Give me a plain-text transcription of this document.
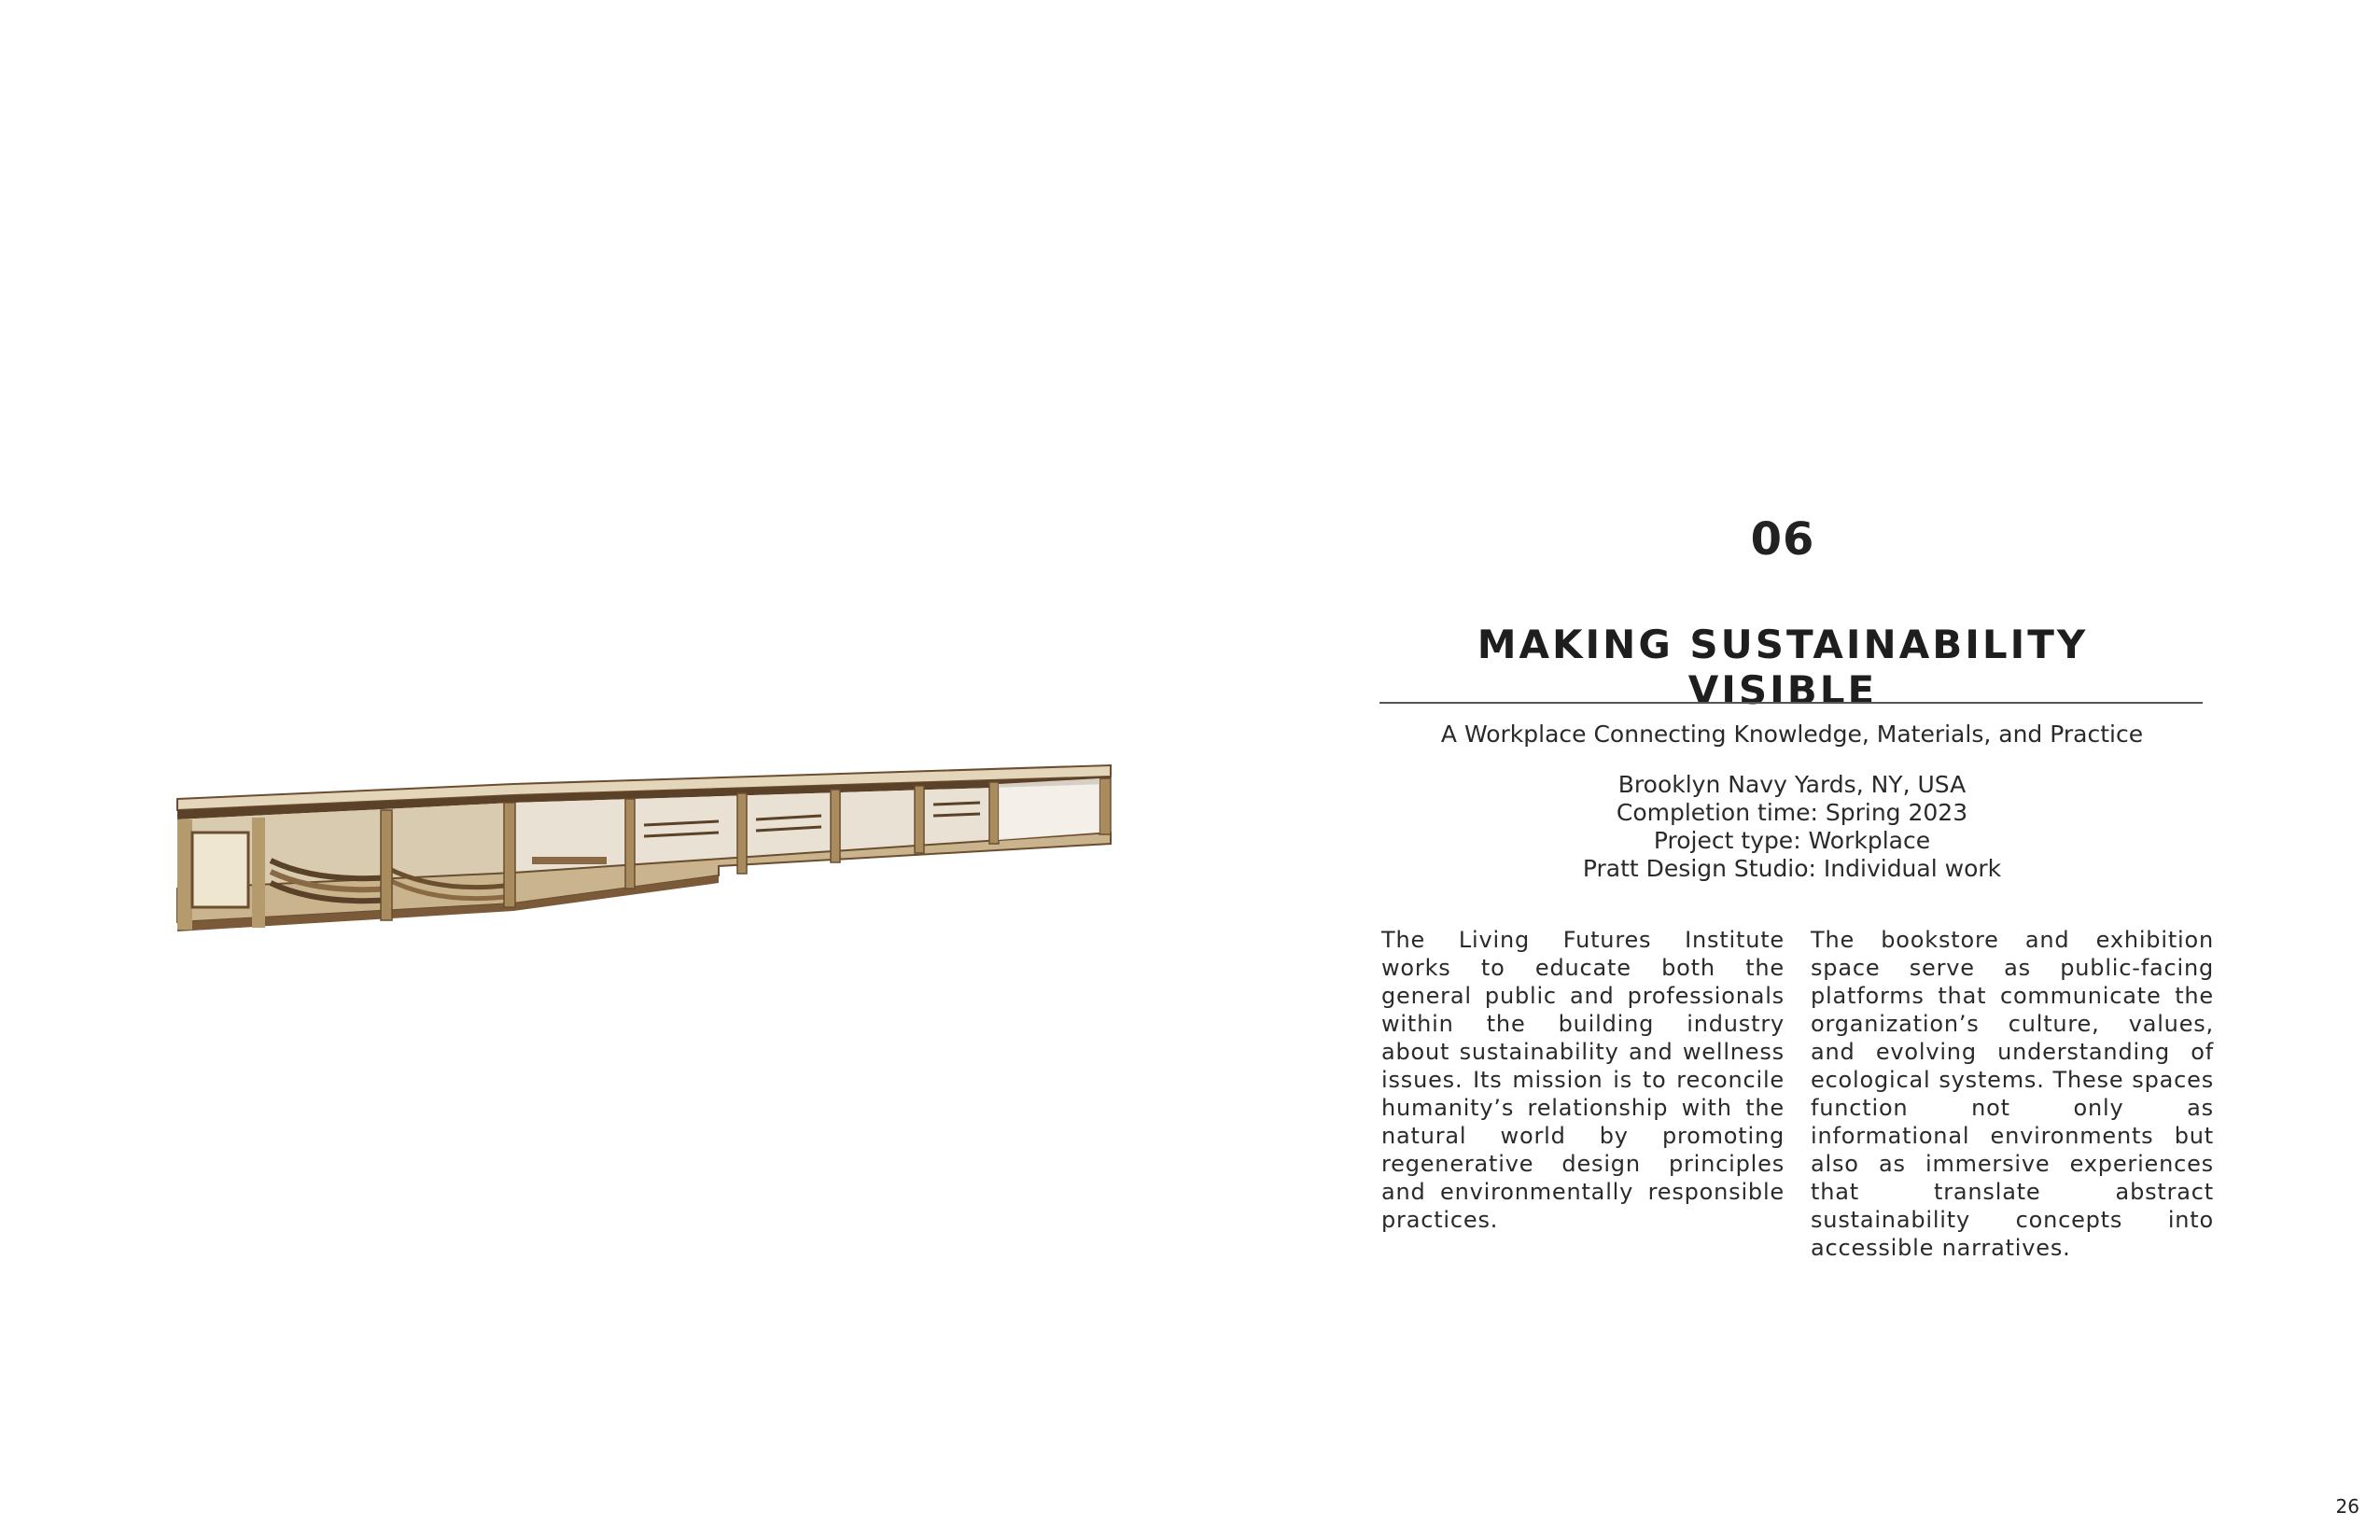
06
MAKING SUSTAINABILITY VISIBLE
A Workplace Connecting Knowledge, Materials, and Practice
Brooklyn Navy Yards, NY, USA
Completion time: Spring 2023
Project type: Workplace
Pratt Design Studio: Individual work
The Living Futures Institute works to educate both the general public and professionals within the building industry about sustainability and wellness issues. Its mission is to reconcile humanity’s relationship with the natural world by promoting regenerative design principles and environmentally responsible practices.
The bookstore and exhibition space serve as public-facing platforms that communicate the organization’s culture, values, and evolving understanding of ecological systems. These spaces function not only as informational environments but also as immersive experiences that translate abstract sustainability concepts into accessible narratives.
26
